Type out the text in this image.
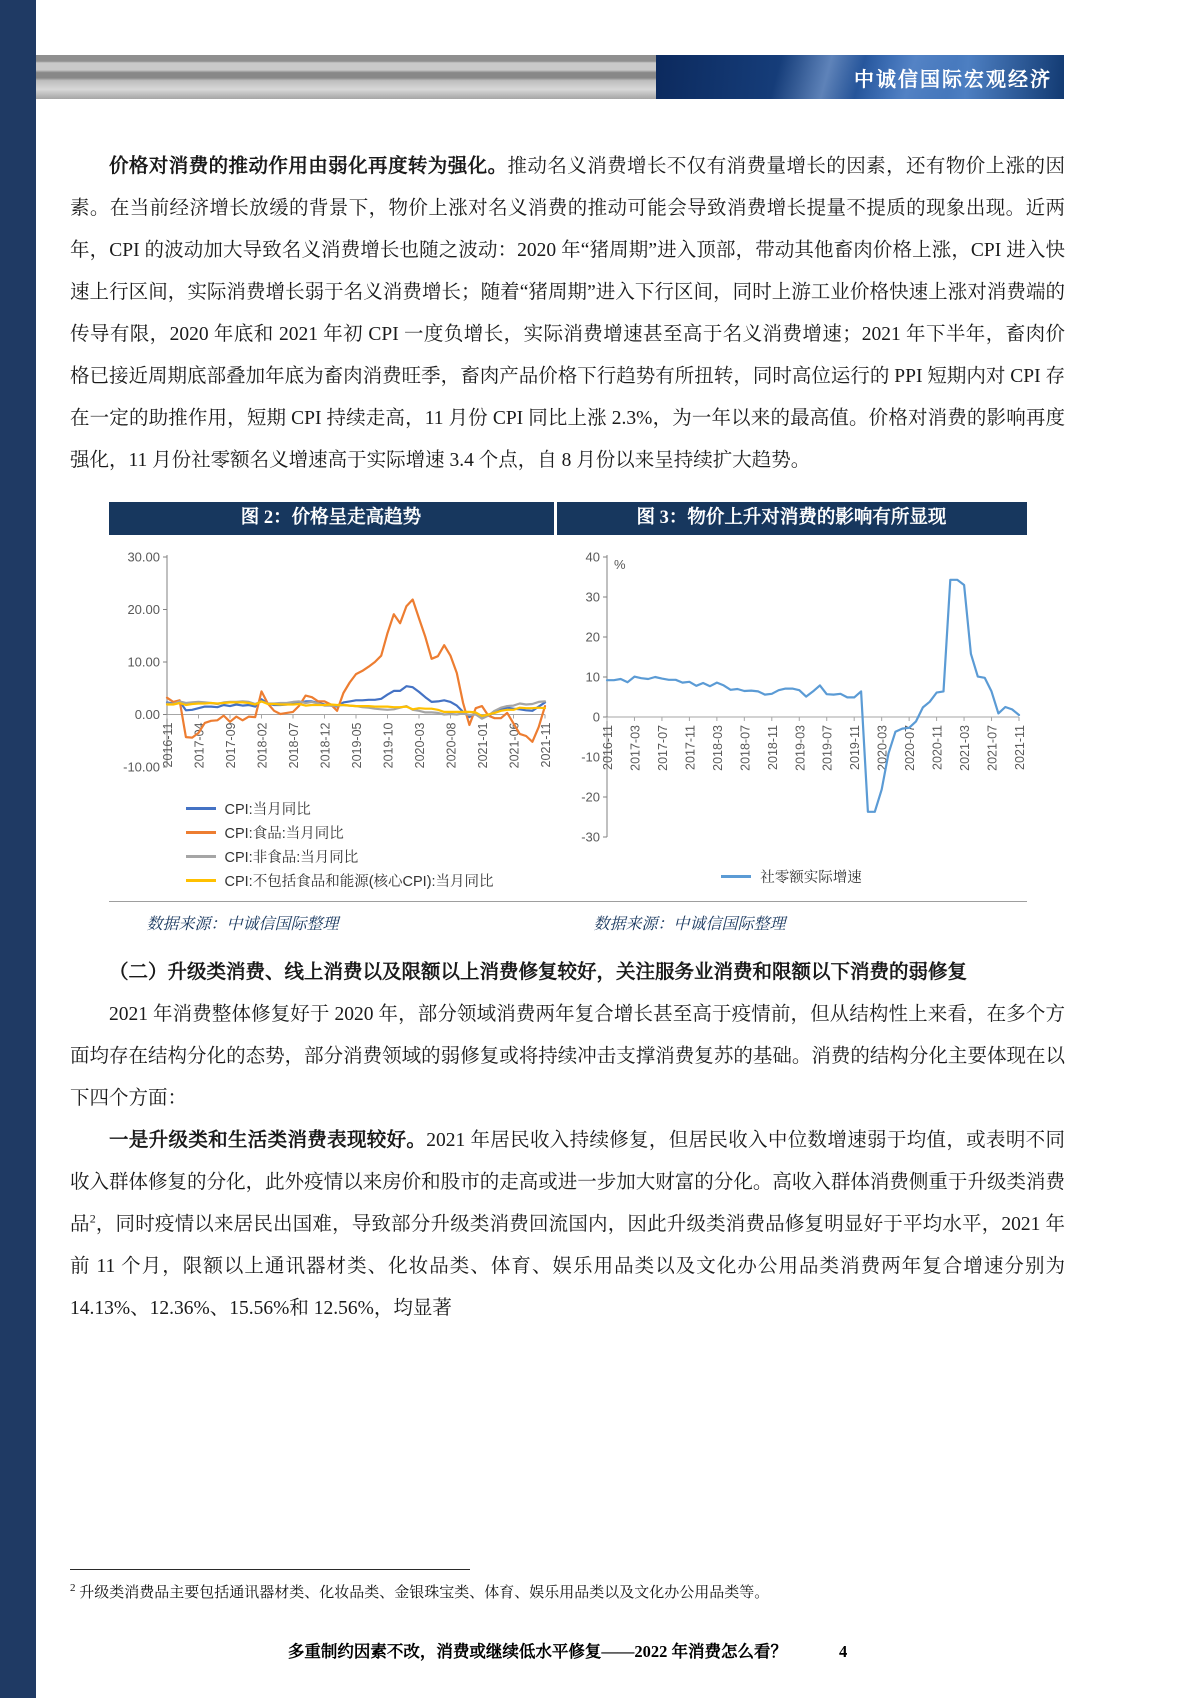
中诚信国际宏观经济

价格对消费的推动作用由弱化再度转为强化。推动名义消费增长不仅有消费量增长的因素，还有物价上涨的因素。在当前经济增长放缓的背景下，物价上涨对名义消费的推动可能会导致消费增长提量不提质的现象出现。近两年，CPI 的波动加大导致名义消费增长也随之波动：2020 年“猪周期”进入顶部，带动其他畜肉价格上涨，CPI 进入快速上行区间，实际消费增长弱于名义消费增长；随着“猪周期”进入下行区间，同时上游工业价格快速上涨对消费端的传导有限，2020 年底和 2021 年初 CPI 一度负增长，实际消费增速甚至高于名义消费增速；2021 年下半年，畜肉价格已接近周期底部叠加年底为畜肉消费旺季，畜肉产品价格下行趋势有所扭转，同时高位运行的 PPI 短期内对 CPI 存在一定的助推作用，短期 CPI 持续走高，11 月份 CPI 同比上涨 2.3%，为一年以来的最高值。价格对消费的影响再度强化，11 月份社零额名义增速高于实际增速 3.4 个点，自 8 月份以来呈持续扩大趋势。

图 2：价格呈走高趋势	图 3：物价上升对消费的影响有所显现
30.00
20.00
10.00
0.00
-10.00 2016-11 2017-04 2017-09 2018-02 2018-07 2018-12 2019-05 2019-10 2020-03 2020-08 2021-01 2021-06 2021-11
CPI:当月同比
CPI:食品:当月同比
CPI:非食品:当月同比
CPI:不包括食品和能源(核心CPI):当月同比
40
30
20
10
0
-10
-20
-30
%
2016-11 2017-03 2017-07 2017-11 2018-03 2018-07 2018-11 2019-03 2019-07 2019-11 2020-03 2020-07 2020-11 2021-03 2021-07 2021-11
社零额实际增速
数据来源：中诚信国际整理	数据来源：中诚信国际整理
（二）升级类消费、线上消费以及限额以上消费修复较好，关注服务业消费和限额以下消费的弱修复

2021 年消费整体修复好于 2020 年，部分领域消费两年复合增长甚至高于疫情前，但从结构性上来看，在多个方面均存在结构分化的态势，部分消费领域的弱修复或将持续冲击支撑消费复苏的基础。消费的结构分化主要体现在以下四个方面：

一是升级类和生活类消费表现较好。2021 年居民收入持续修复，但居民收入中位数增速弱于均值，或表明不同收入群体修复的分化，此外疫情以来房价和股市的走高或进一步加大财富的分化。高收入群体消费侧重于升级类消费品$^2$，同时疫情以来居民出国难，导致部分升级类消费回流国内，因此升级类消费品修复明显好于平均水平，2021 年前 11 个月，限额以上通讯器材类、化妆品类、体育、娱乐用品类以及文化办公用品类消费两年复合增速分别为 14.13%、12.36%、15.56%和 12.56%，均显著

$^2$ 升级类消费品主要包括通讯器材类、化妆品类、金银珠宝类、体育、娱乐用品类以及文化办公用品类等。

多重制约因素不改，消费或继续低水平修复——2022 年消费怎么看？	4
